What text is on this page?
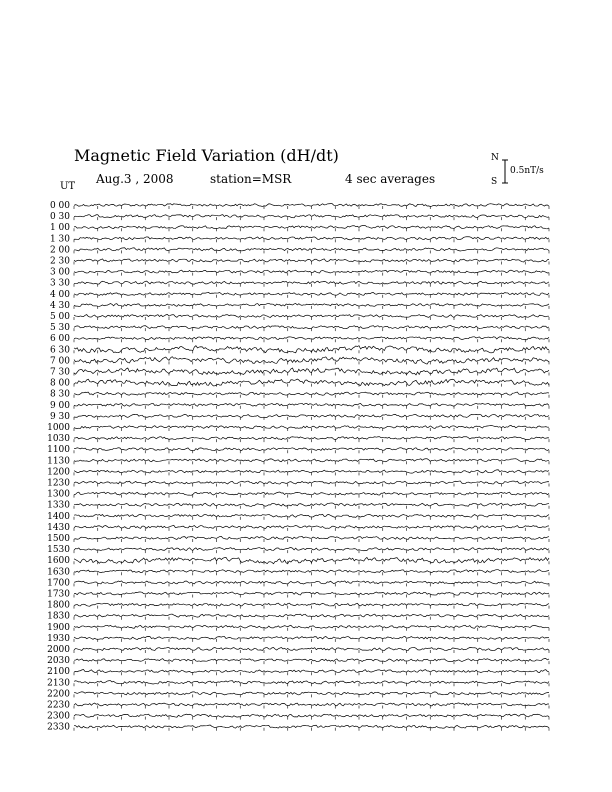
Magnetic Field Variation (dH/dt)
Aug.3 , 2008	station=MSR	4 sec averages
UT
N
S
0.5nT/s
0 00
0 30
1 00
1 30
2 00
2 30
3 00
3 30
4 00
4 30
5 00
5 30
6 00
6 30
7 00
7 30
8 00
8 30
9 00
9 30
1000
1030
1100
1130
1200
1230
1300
1330
1400
1430
1500
1530
1600
1630
1700
1730
1800
1830
1900
1930
2000
2030
2100
2130
2200
2230
2300
2330
